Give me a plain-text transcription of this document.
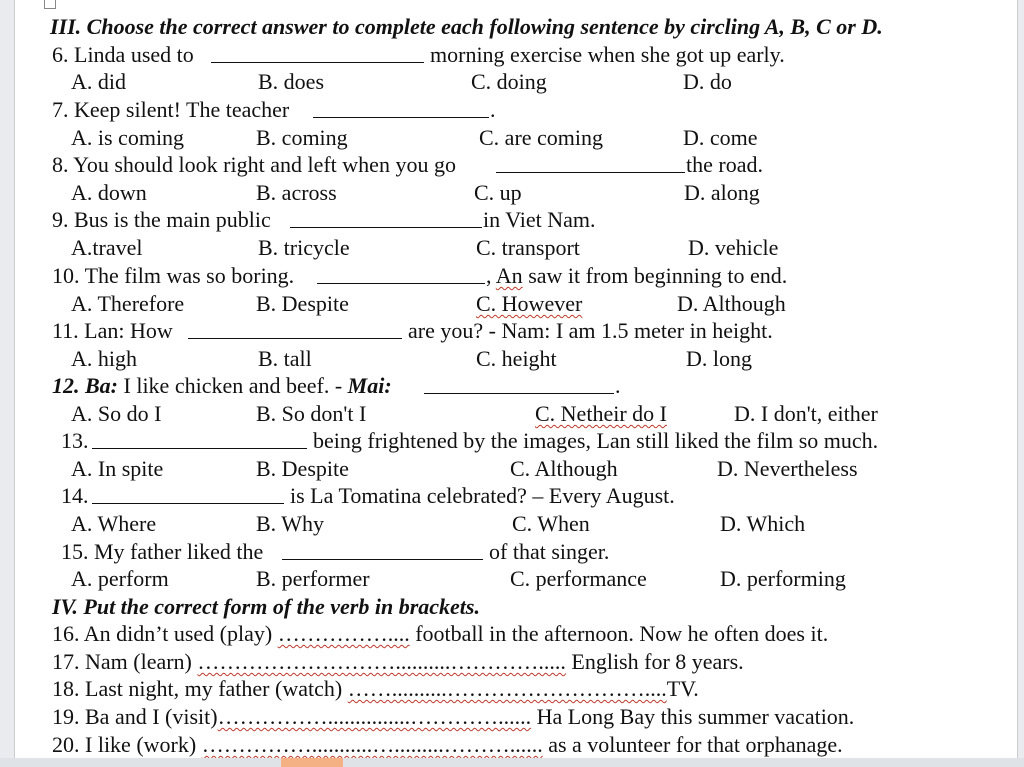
III. Choose the correct answer to complete each following sentence by circling A, B, C or D.
6. Linda used to	morning exercise when she got up early.
A. did	B. does	C. doing	D. do
7. Keep silent! The teacher	.
A. is coming	B. coming	C. are coming	D. come
8. You should look right and left when you go	the road.
A. down	B. across	C. up	D. along
9. Bus is the main public	in Viet Nam.
A.travel	B. tricycle	C. transport	D. vehicle
10. The film was so boring.	, An saw it from beginning to end.
A. Therefore	B. Despite	C. However	D. Although
11. Lan: How	are you? - Nam: I am 1.5 meter in height.
A. high	B. tall	C. height	D. long
12. Ba: I like chicken and beef. - Mai:	.
A. So do I	B. So don't I	C. Netheir do I	D. I don't, either
13.	being frightened by the images, Lan still liked the film so much.
A. In spite	B. Despite	C. Although	D. Nevertheless
14.	is La Tomatina celebrated? – Every August.
A. Where	B. Why	C. When	D. Which
15. My father liked the	of that singer.
A. perform	B. performer	C. performance	D. performing
IV. Put the correct form of the verb in brackets.
16. An didn’t used (play) …………….... football in the afternoon. Now he often does it.
17. Nam (learn) ………………………..........…………..... English for 8 years.
18. Last night, my father (watch) ……..........………………………....TV.
19. Ba and I (visit)……………...............…………...... Ha Long Bay this summer vacation.
20. I like (work) ……………...........….........………...... as a volunteer for that orphanage.
